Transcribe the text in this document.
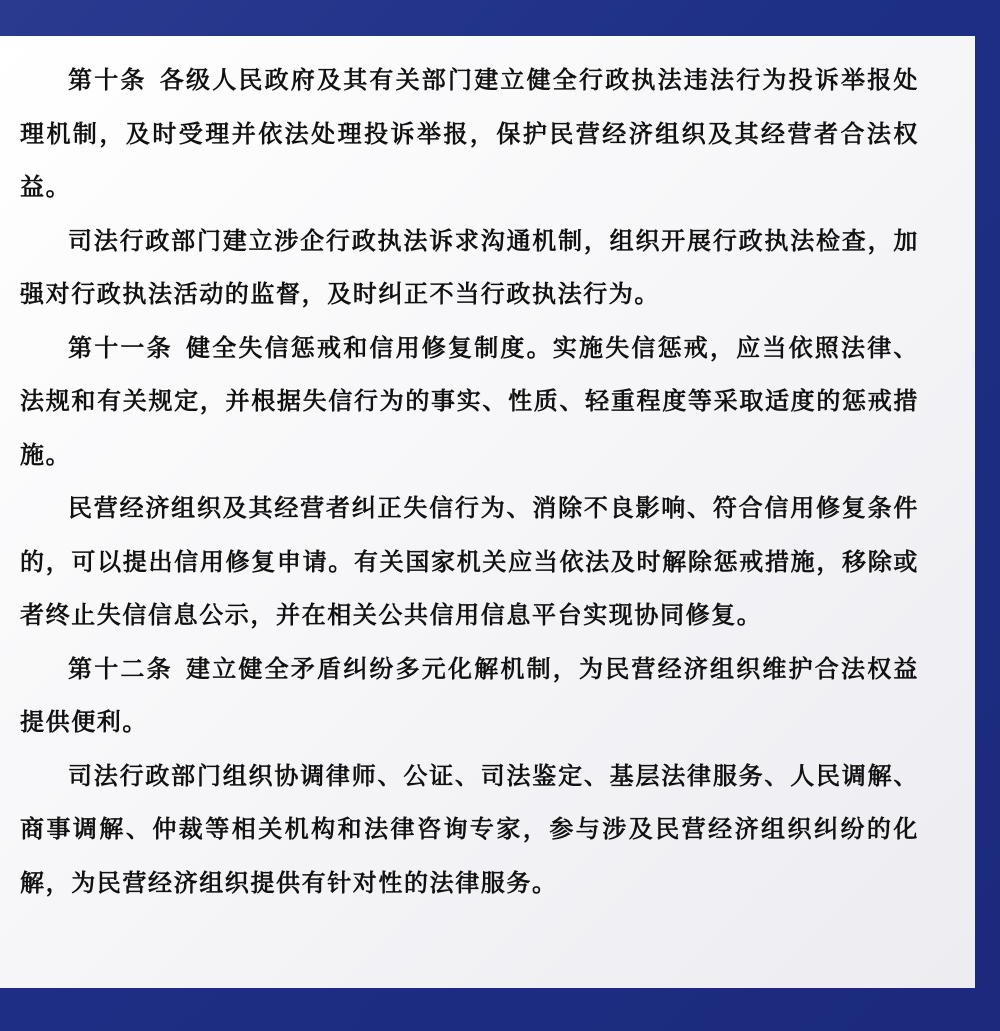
第十条 各级人民政府及其有关部门建立健全行政执法违法行为投诉举报处理机制，及时受理并依法处理投诉举报，保护民营经济组织及其经营者合法权益。

司法行政部门建立涉企行政执法诉求沟通机制，组织开展行政执法检查，加强对行政执法活动的监督，及时纠正不当行政执法行为。

第十一条 健全失信惩戒和信用修复制度。实施失信惩戒，应当依照法律、法规和有关规定，并根据失信行为的事实、性质、轻重程度等采取适度的惩戒措施。

民营经济组织及其经营者纠正失信行为、消除不良影响、符合信用修复条件的，可以提出信用修复申请。有关国家机关应当依法及时解除惩戒措施，移除或者终止失信信息公示，并在相关公共信用信息平台实现协同修复。

第十二条 建立健全矛盾纠纷多元化解机制，为民营经济组织维护合法权益提供便利。

司法行政部门组织协调律师、公证、司法鉴定、基层法律服务、人民调解、商事调解、仲裁等相关机构和法律咨询专家，参与涉及民营经济组织纠纷的化解，为民营经济组织提供有针对性的法律服务。
